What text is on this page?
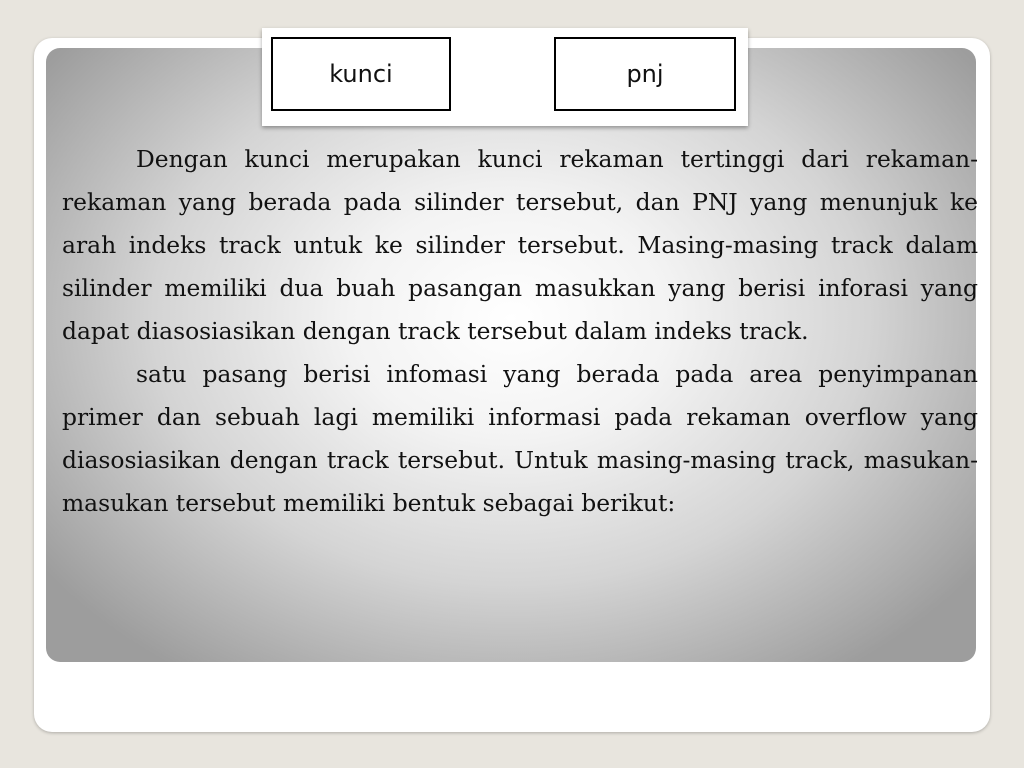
kunci	pnj

Dengan kunci merupakan kunci rekaman tertinggi dari rekaman-rekaman yang berada pada silinder tersebut, dan PNJ yang menunjuk ke arah indeks track untuk ke silinder tersebut. Masing-masing track dalam silinder memiliki dua buah pasangan masukkan yang berisi inforasi yang dapat diasosiasikan dengan track tersebut dalam indeks track.

satu pasang berisi infomasi yang berada pada area penyimpanan primer dan sebuah lagi memiliki informasi pada rekaman overflow yang diasosiasikan dengan track tersebut. Untuk masing-masing track, masukan-masukan tersebut memiliki bentuk sebagai berikut:
